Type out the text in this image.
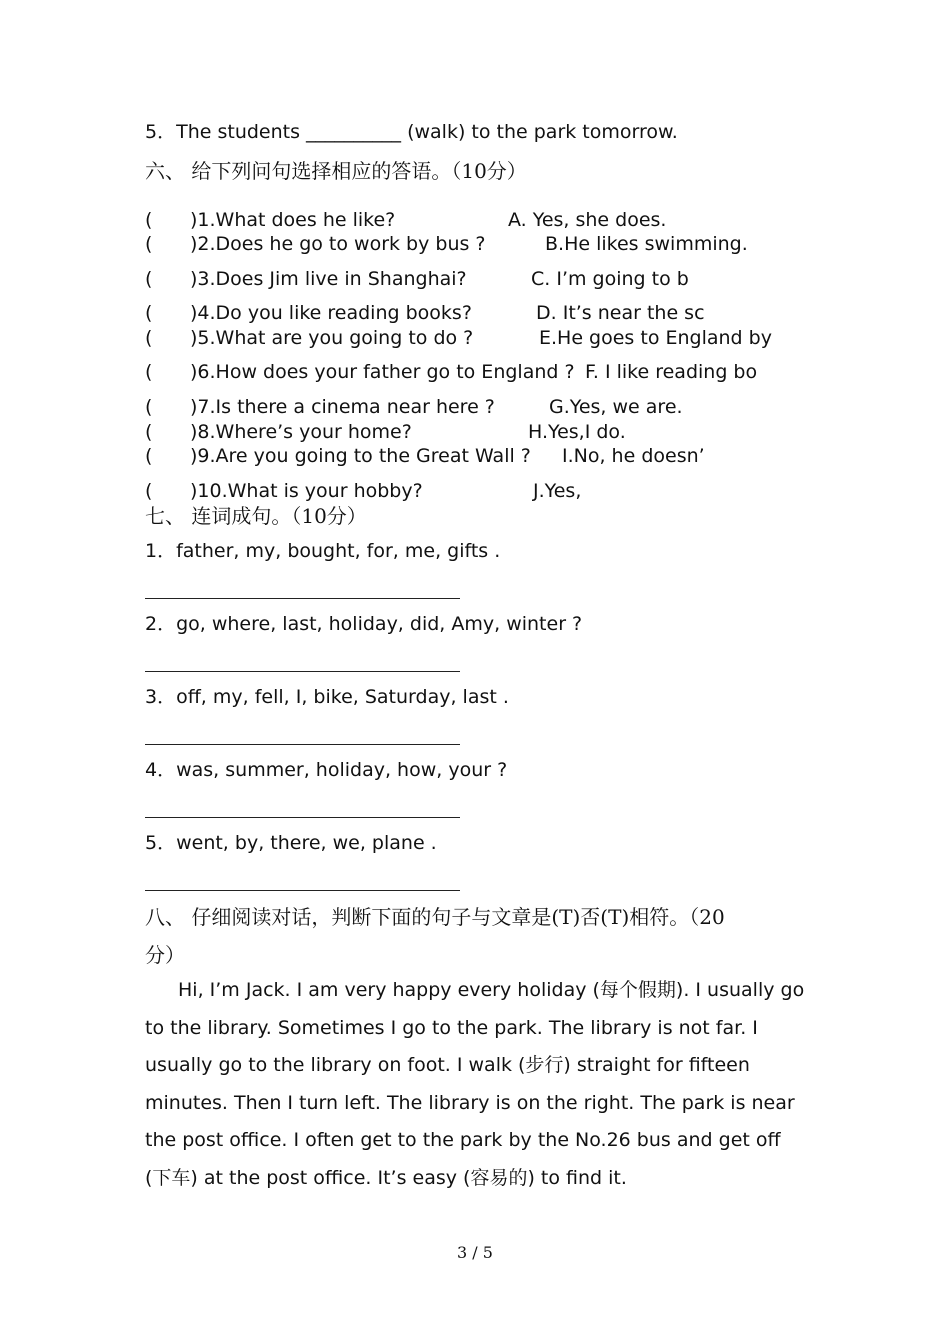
5．The students __________ (walk) to the park tomorrow.
六、 给下列问句选择相应的答语。（10分）
( )1.What does he like?	A. Yes, she does.
( )2.Does he go to work by bus ?	B.He likes swimming.
( )3.Does Jim live in Shanghai?	C. I’m going to b
( )4.Do you like reading books?	D. It’s near the sc
( )5.What are you going to do ?	E.He goes to England by
( )6.How does your father go to England ? F. I like reading bo
( )7.Is there a cinema near here ?	G.Yes, we are.
( )8.Where’s your home?	H.Yes,I do.
( )9.Are you going to the Great Wall ? I.No, he doesn’
( )10.What is your hobby?	J.Yes,
七、 连词成句。（10分）
1．father, my, bought, for, me, gifts .
2．go, where, last, holiday, did, Amy, winter ?
3．off, my, fell, I, bike, Saturday, last .
4．was, summer, holiday, how, your ?
5．went, by, there, we, plane .
八、 仔细阅读对话，判断下面的句子与文章是(T)否(T)相符。（20
分）
Hi, I’m Jack. I am very happy every holiday (每个假期). I usually go to the library. Sometimes I go to the park. The library is not far. I usually go to the library on foot. I walk (步行) straight for fifteen minutes. Then I turn left. The library is on the right. The park is near the post office. I often get to the park by the No.26 bus and get off (下车) at the post office. It’s easy (容易的) to find it.
3 / 5
